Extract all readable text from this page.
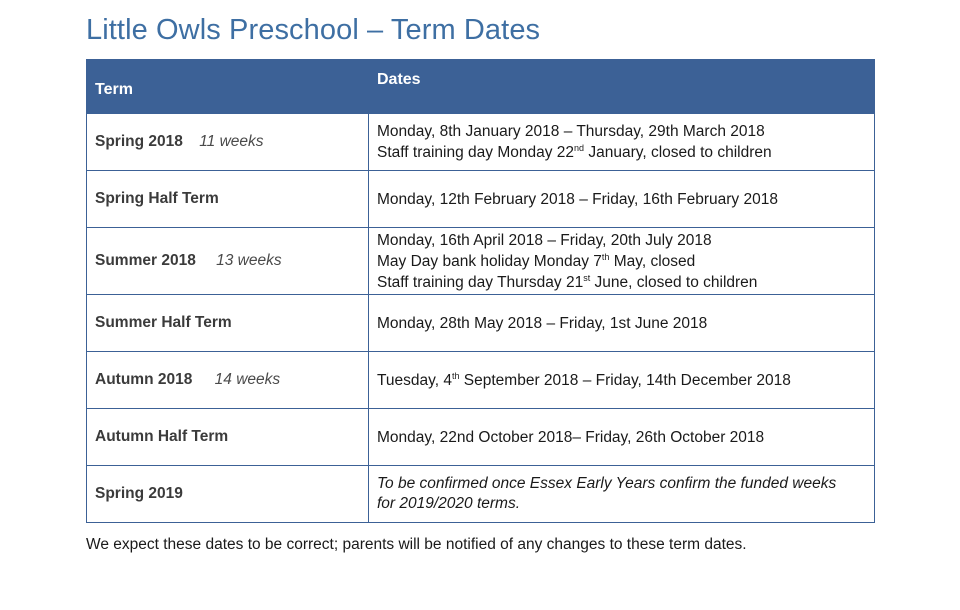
Little Owls Preschool – Term Dates
Term	Dates
Spring 2018 11 weeks	Monday, 8th January 2018 – Thursday, 29th March 2018
Staff training day Monday 22nd January, closed to children

Spring Half Term	Monday, 12th February 2018 – Friday, 16th February 2018

Summer 2018 13 weeks	Monday, 16th April 2018 – Friday, 20th July 2018
May Day bank holiday Monday 7th May, closed
Staff training day Thursday 21st June, closed to children

Summer Half Term	Monday, 28th May 2018 – Friday, 1st June 2018

Autumn 2018 14 weeks	Tuesday, 4th September 2018 – Friday, 14th December 2018

Autumn Half Term	Monday, 22nd October 2018– Friday, 26th October 2018

Spring 2019	To be confirmed once Essex Early Years confirm the funded weeks
for 2019/2020 terms.

We expect these dates to be correct; parents will be notified of any changes to these term dates.
